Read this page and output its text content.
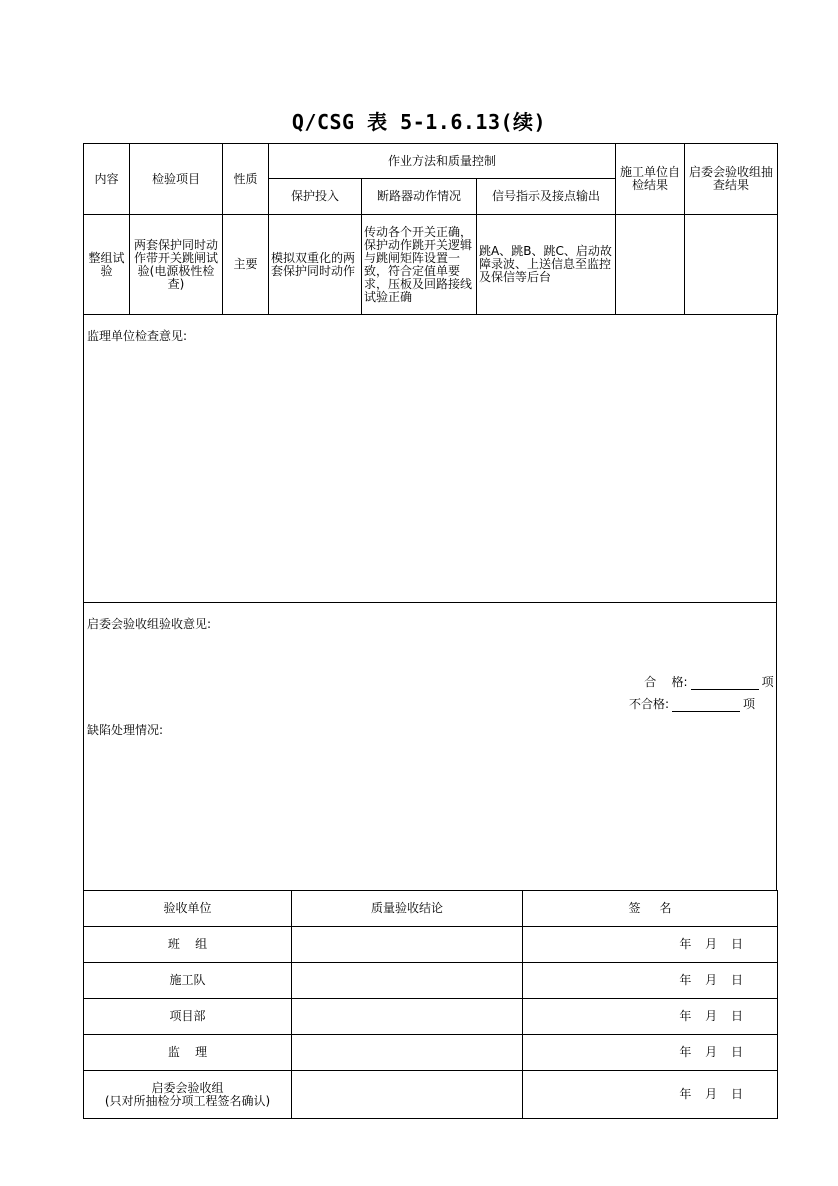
Q/CSG 表 5-1.6.13(续)
内容	检验项目	性质	作业方法和质量控制			施工单位自检结果	启委会验收组抽查结果
			保护投入	断路器动作情况	信号指示及接点输出		
整组试验	两套保护同时动作带开关跳闸试验(电源极性检查)	主要	模拟双重化的两套保护同时动作	传动各个开关正确，保护动作跳开关逻辑与跳闸矩阵设置一致，符合定值单要求，压板及回路接线试验正确	跳A、跳B、跳C、启动故障录波、上送信息至监控及保信等后台		
监理单位检查意见:
启委会验收组验收意见:

合    格:	项

不合格:	项
缺陷处理情况:
验收单位	质量验收结论	签     名
班    组		年 月 日
施工队		年 月 日
项目部		年 月 日
监    理		年 月 日
启委会验收组
(只对所抽检分项工程签名确认)		年 月 日
